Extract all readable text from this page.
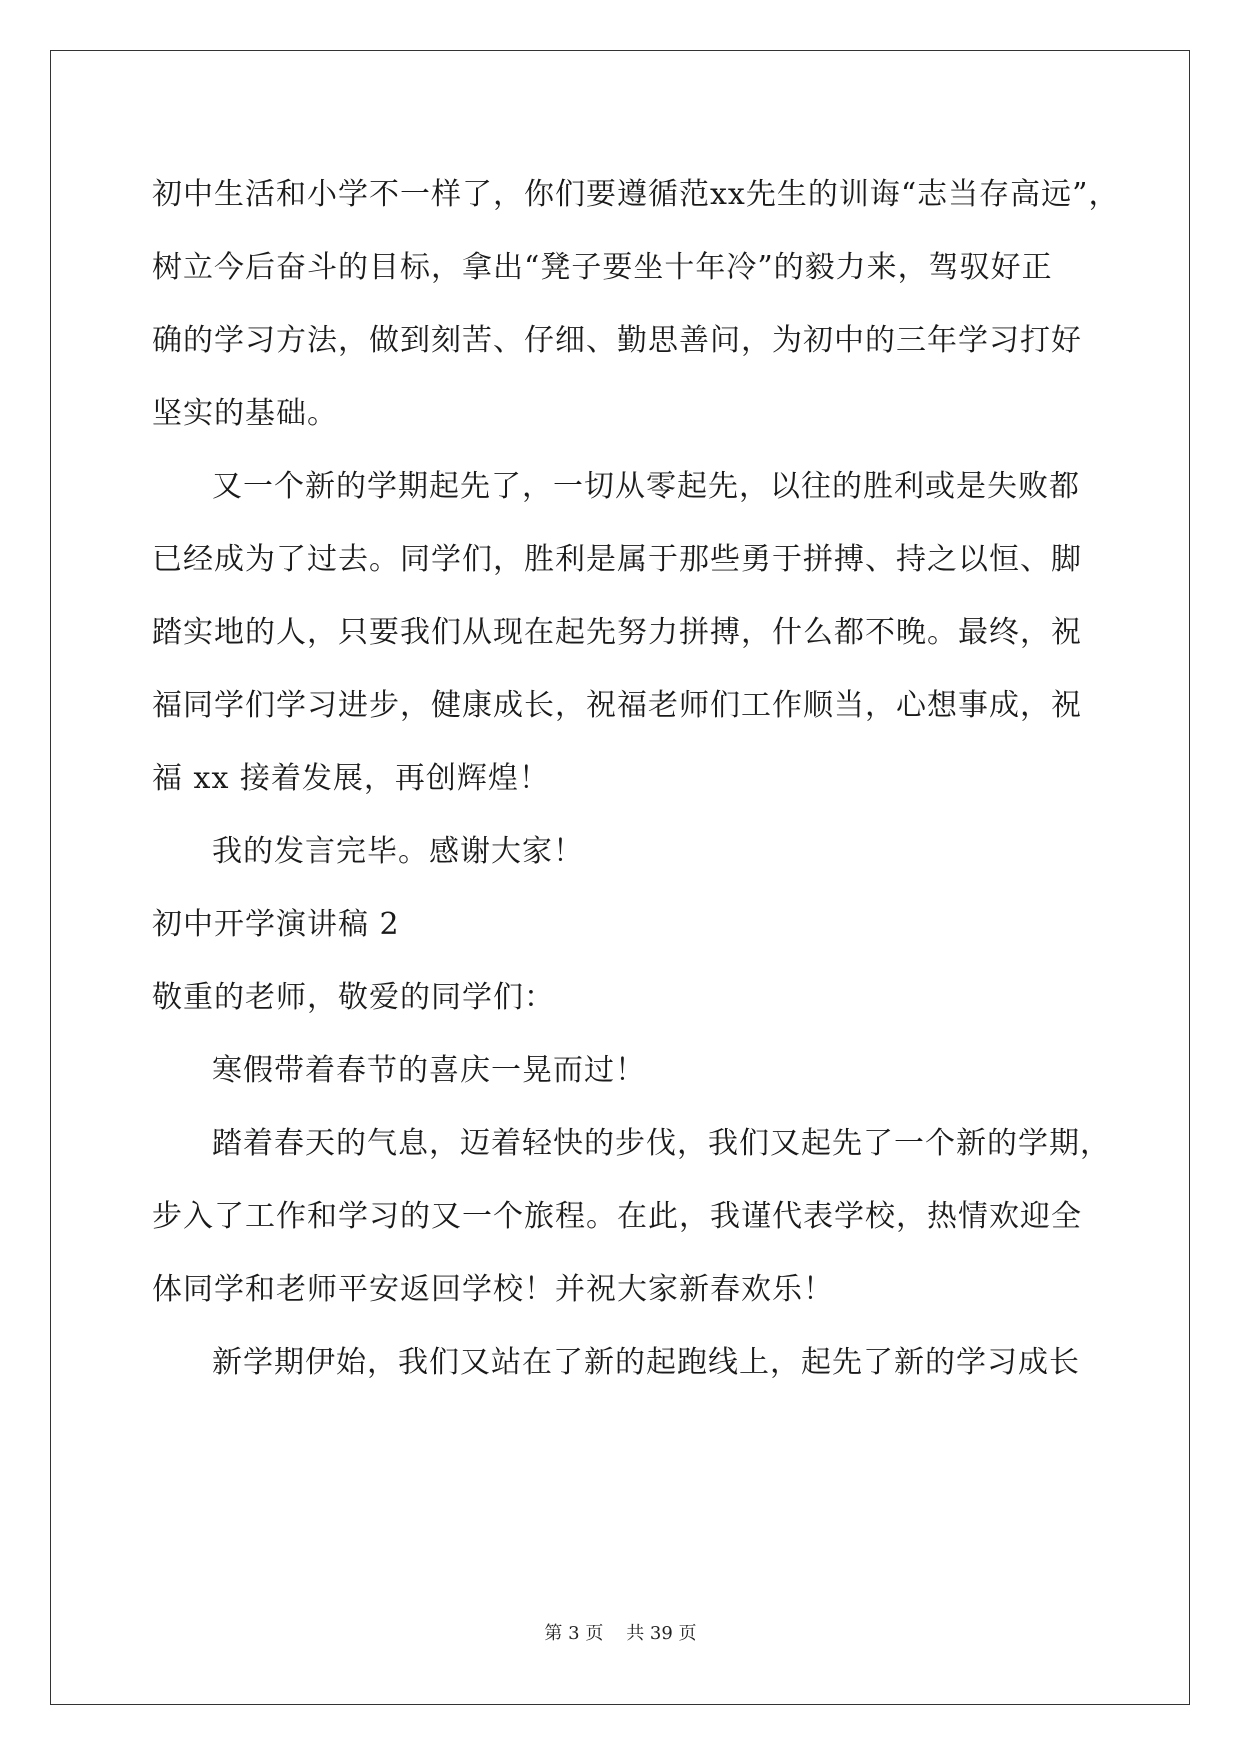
初中生活和小学不一样了，你们要遵循范xx先生的训诲“志当存高远”，
树立今后奋斗的目标，拿出“凳子要坐十年冷”的毅力来，驾驭好正
确的学习方法，做到刻苦、仔细、勤思善问，为初中的三年学习打好
坚实的基础。
又一个新的学期起先了，一切从零起先，以往的胜利或是失败都
已经成为了过去。同学们，胜利是属于那些勇于拼搏、持之以恒、脚
踏实地的人，只要我们从现在起先努力拼搏，什么都不晚。最终，祝
福同学们学习进步，健康成长，祝福老师们工作顺当，心想事成，祝
福 xx 接着发展，再创辉煌！
我的发言完毕。感谢大家！
初中开学演讲稿 2
敬重的老师，敬爱的同学们：
寒假带着春节的喜庆一晃而过！
踏着春天的气息，迈着轻快的步伐，我们又起先了一个新的学期，
步入了工作和学习的又一个旅程。在此，我谨代表学校，热情欢迎全
体同学和老师平安返回学校！并祝大家新春欢乐！
新学期伊始，我们又站在了新的起跑线上，起先了新的学习成长
第 3 页    共 39 页
